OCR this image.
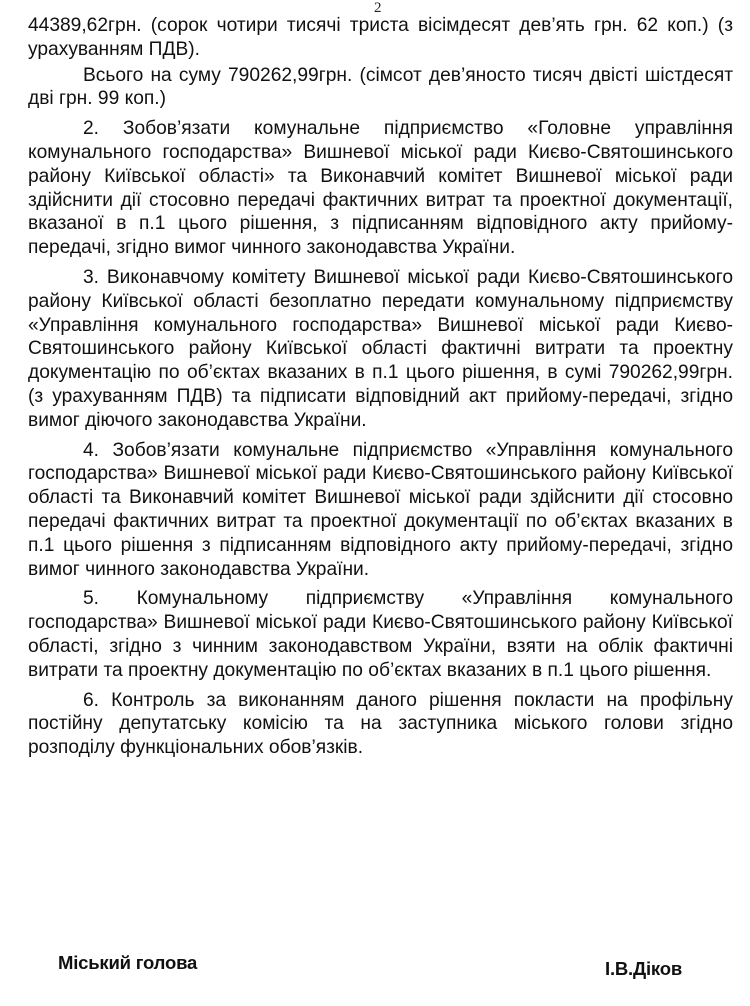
2

44389,62грн. (сорок чотири тисячі триста вісімдесят дев’ять грн. 62 коп.) (з урахуванням ПДВ).

Всього на суму 790262,99грн. (сімсот дев’яносто тисяч двісті шістдесят дві грн. 99 коп.)

2. Зобов’язати комунальне підприємство «Головне управління комунального господарства» Вишневої міської ради Києво-Святошинського району Київської області» та Виконавчий комітет Вишневої міської ради здійснити дії стосовно передачі фактичних витрат та проектної документації, вказаної в п.1 цього рішення, з підписанням відповідного акту прийому-передачі, згідно вимог чинного законодавства України.

3. Виконавчому комітету Вишневої міської ради Києво-Святошинського району Київської області безоплатно передати комунальному підприємству «Управління комунального господарства» Вишневої міської ради Києво-Святошинського району Київської області фактичні витрати та проектну документацію по об’єктах вказаних в п.1 цього рішення, в сумі 790262,99грн. (з урахуванням ПДВ) та підписати відповідний акт прийому-передачі, згідно вимог діючого законодавства України.

4. Зобов’язати комунальне підприємство «Управління комунального господарства» Вишневої міської ради Києво-Святошинського району Київської області та Виконавчий комітет Вишневої міської ради здійснити дії стосовно передачі фактичних витрат та проектної документації по об’єктах вказаних в п.1 цього рішення з підписанням відповідного акту прийому-передачі, згідно вимог чинного законодавства України.

5. Комунальному підприємству «Управління комунального господарства» Вишневої міської ради Києво-Святошинського району Київської області, згідно з чинним законодавством України, взяти на облік фактичні витрати та проектну документацію по об’єктах вказаних в п.1 цього рішення.

6. Контроль за виконанням даного рішення покласти на профільну постійну депутатську комісію та на заступника міського голови згідно розподілу функціональних обов’язків.

Міський голова	І.В.Діков
